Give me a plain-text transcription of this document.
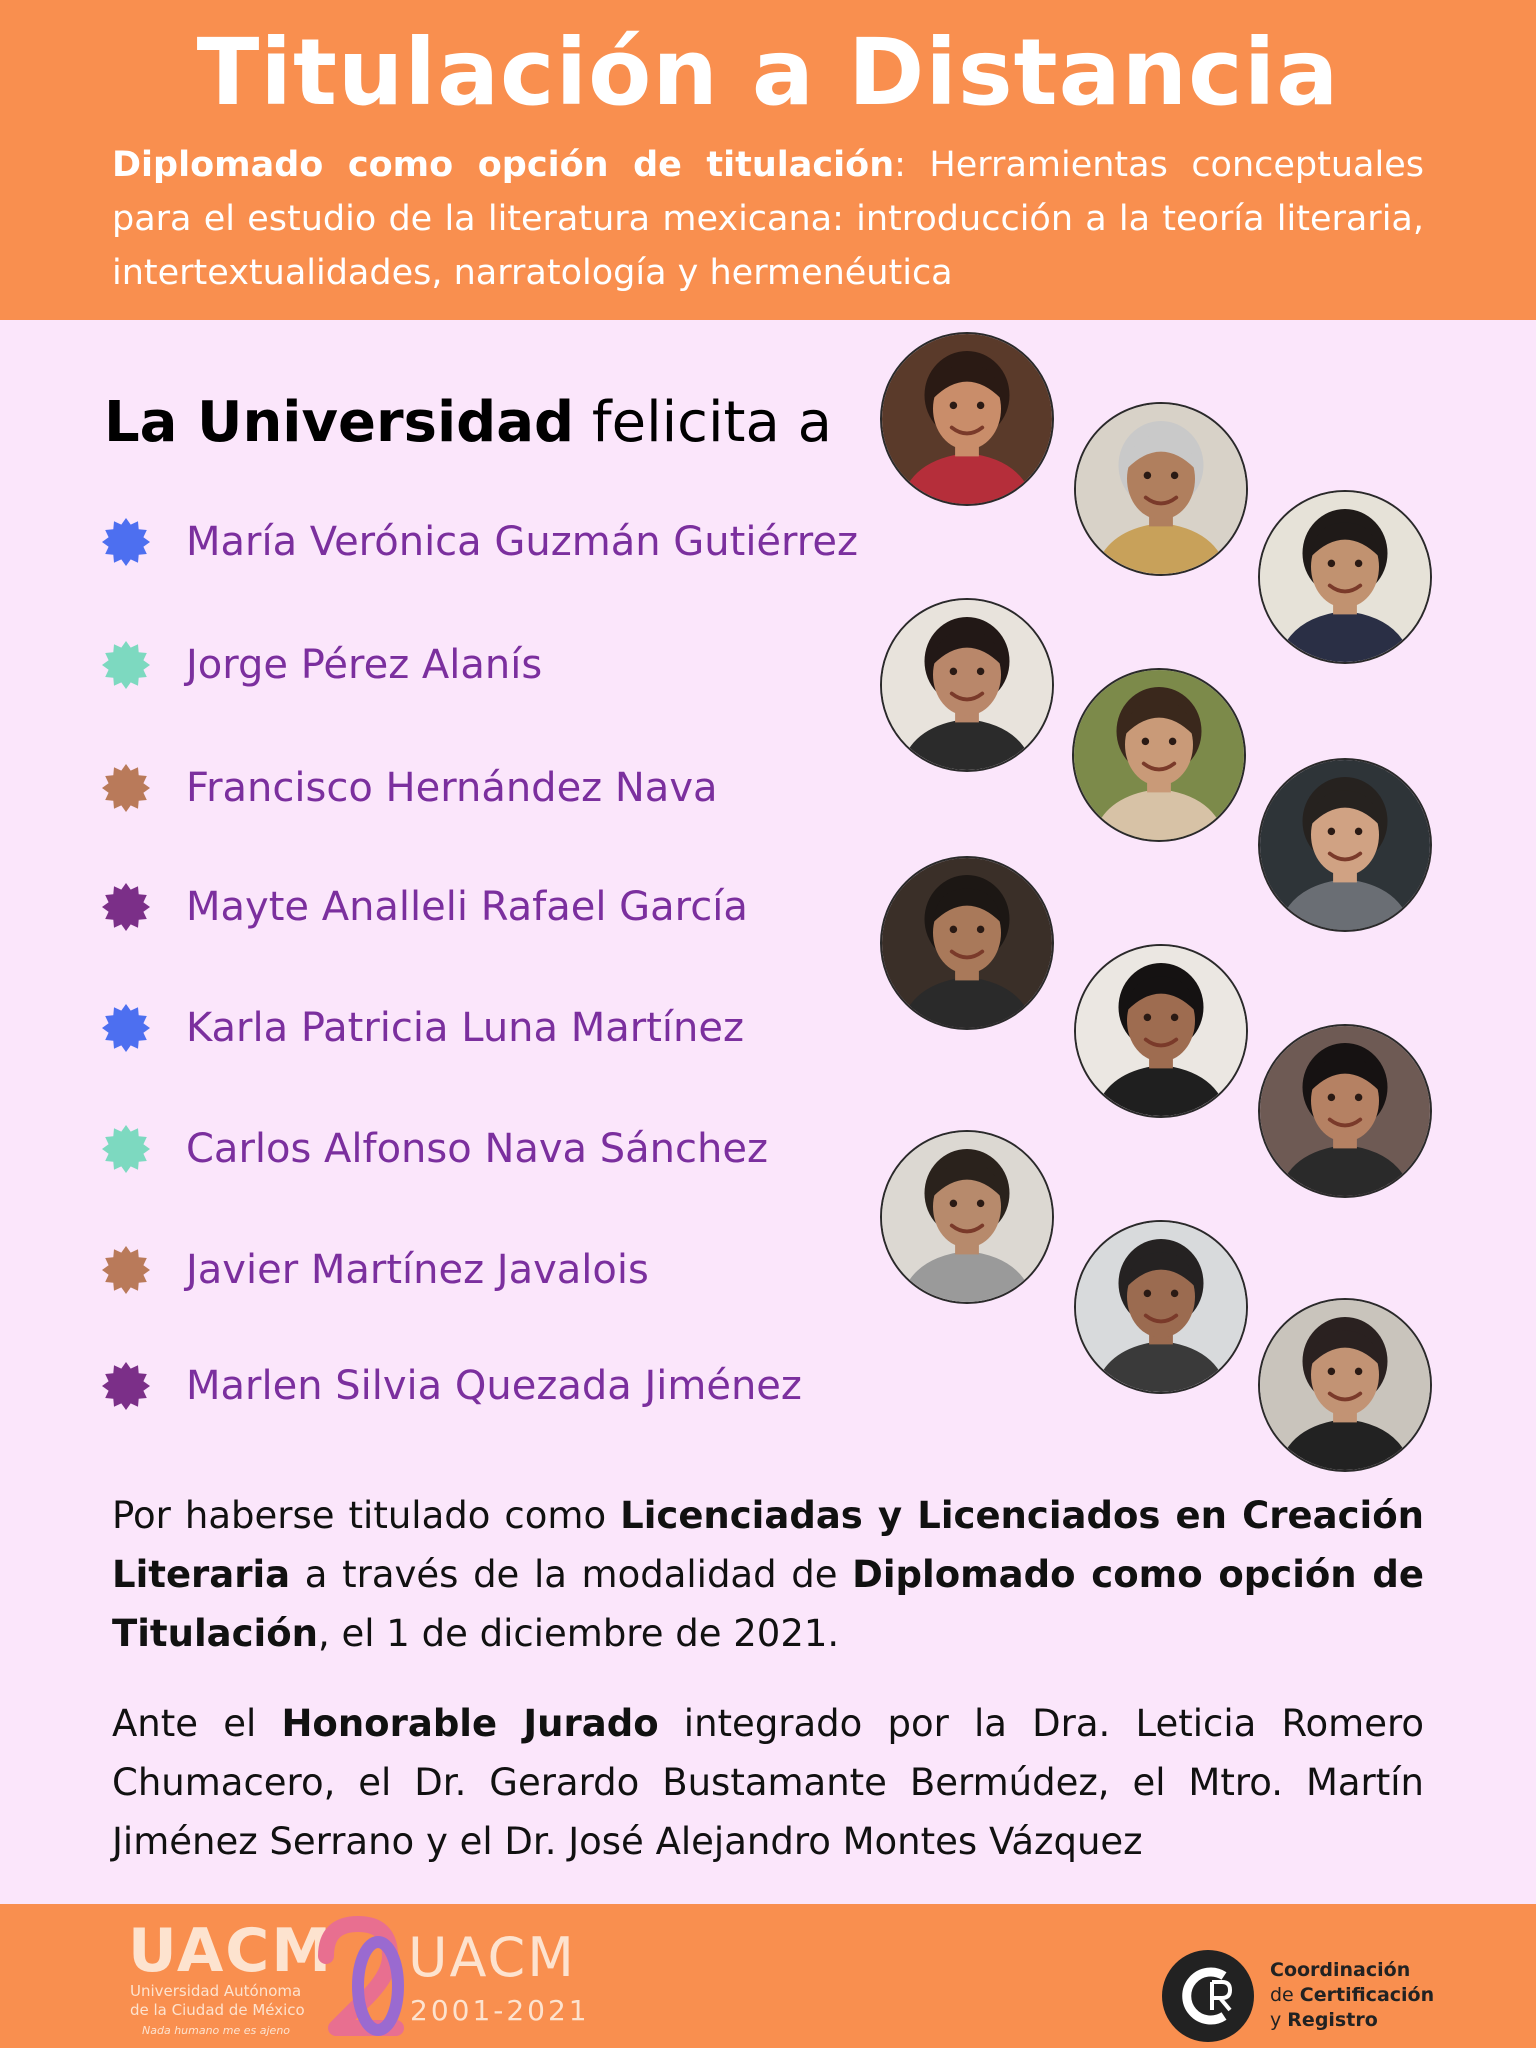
Titulación a Distancia
Diplomado como opción de titulación: Herramientas conceptuales para el estudio de la literatura mexicana: introducción a la teoría literaria, intertextualidades, narratología y hermenéutica
La Universidad felicita a
María Verónica Guzmán Gutiérrez
Jorge Pérez Alanís
Francisco Hernández Nava
Mayte Analleli Rafael García
Karla Patricia Luna Martínez
Carlos Alfonso Nava Sánchez
Javier Martínez Javalois
Marlen Silvia Quezada Jiménez
Por haberse titulado como Licenciadas y Licenciados en Creación Literaria a través de la modalidad de Diplomado como opción de Titulación, el 1 de diciembre de 2021.
Ante el Honorable Jurado integrado por la Dra. Leticia Romero Chumacero, el Dr. Gerardo Bustamante Bermúdez, el Mtro. Martín Jiménez Serrano y el Dr. José Alejandro Montes Vázquez
UACM
Universidad Autónoma
de la Ciudad de México
Nada humano me es ajeno
UACM
2001-2021
Coordinación
de Certificación
y Registro
